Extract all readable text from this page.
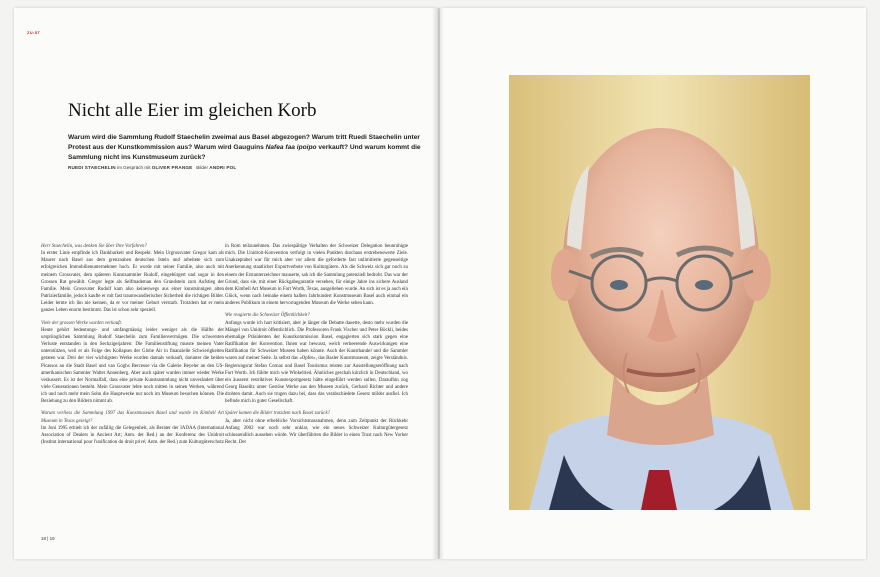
ZU:ST
Nicht alle Eier im gleichen Korb
Warum wird die Sammlung Rudolf Staechelin zweimal aus Basel abgezogen? Warum tritt Ruedi Staechelin unter Protest aus der Kunstkommission aus? Warum wird Gauguins Nafea faa ipoipo verkauft? Und warum kommt die Sammlung nicht ins Kunstmuseum zurück?
RUEDI STAECHELIN im Gespräch mit OLIVER PRANGE Bilder ANDRI POL

Herr Staechelin, was denken Sie über Ihre Vorfahren?

In erster Linie empfinde ich Dankbarkeit und Respekt. Mein Urgrossvater Gregor kam als Maurer nach Basel aus dem grenznahen deutschen Istein und arbeitete sich zum erfolgreichen Immobilienunternehmer hoch. Er wurde mit seiner Familie, also auch mit meinem Grossvater, dem späteren Kunstsammler Rudolf, eingebürgert und sogar in den Grossen Rat gewählt. Gregor legte als Selfmademan den Grundstein zum Aufstieg der Familie. Mein Grossvater Rudolf kam also keineswegs aus einer kunstsinnigen alten Patrizierfamilie, jedoch kaufte er mit fast traumwandlerischer Sicherheit die richtigen Bilder. Leider lernte ich ihn nie kennen, da er vor meiner Geburt verstarb. Trotzdem hat er mein ganzes Leben enorm bestimmt. Das ist schon sehr speziell.

Viele der grossen Werke wurden verkauft.

Heute gehört bedeutungs- und umfangmässig leider weniger als die Hälfte der ursprünglichen Sammlung Rudolf Staechelin zum Familienvermögen. Die schwersten Verluste entstanden in den Sechzigerjahren: Die Familienstiftung musste meinen Vater unterstützen, weil er als Folge des Kollapses der Globe Air in finanzielle Schwierigkeiten geraten war. Drei der vier wichtigsten Werke wurden damals verkauft, darunter die beiden Picassos an die Stadt Basel und van Goghs Berceuse via die Galerie Beyeler an den US-amerikanischen Sammler Walter Annenberg. Aber auch später wurden immer wieder Werke veräussert. Es ist der Normalfall, dass eine private Kunstsammlung nicht unverändert über viele Generationen besteht. Mein Grossvater lebte noch mitten in seinen Werken, während ich und noch mehr mein Sohn die Hauptwerke nur noch im Museum besuchen können. Die Beziehung zu den Bildern nimmt ab.

Warum verliess die Sammlung 1997 das Kunstmuseum Basel und wurde im Kimbell Art Museum in Texas gezeigt?

Im Juni 1995 erhielt ich der zufällig die Gelegenheit, als Berater der IADAA (International Association of Dealers in Ancient Art; Anm. der Red.) an der Konferenz des Unidroit (Institut international pour l'unification du droit privé; Anm. der Red.) zum Kulturgüterschutz

in Rom teilzunehmen. Das zwiespältige Verhalten der Schweizer Delegation beunruhigte mich. Die Unidroit-Konvention verfolgt in vielen Punkten durchaus erstrebenswerte Ziele. Unakzeptabel war für mich aber vor allem die geforderte fast unlimitierte gegenseitige Anerkennung staatlicher Exportverbote von Kulturgütern. Als die Schweiz sich gar noch zu einem der Erstunterzeichner mauserte, sah ich die Sammlung potenziell bedroht. Das war der Grund, dass sie, mit einer Rückgabegarantie versehen, für einige Jahre ins sichere Ausland dem Kimbell Art Museum in Fort Worth, Texas, ausgeliehen wurde. An sich ist es ja auch ein Glück, wenn nach beinahe einem halben Jahrhundert Kunstmuseum Basel auch einmal ein anderes Publikum in einem hervorragenden Museum die Werke sehen kann.

Wie reagierte die Schweizer Öffentlichkeit?

Anfangs wurde ich hart kritisiert, aber je länger die Debatte dauerte, desto mehr wurden die Mängel von Unidroit öffentlichlich. Die Professoren Frank Vischer und Peter Böckli, beides ehemalige Präsidenten der Kunstkommission Basel, engagierten sich stark gegen eine Ratifikation der Konvention. Ihnen war bewusst, welch verheerende Auswirkungen eine Ratifikation für Schweizer Museen haben könnte. Auch der Kunsthandel und die Sammler waren auf meiner Seite. Ja selbst das «Opfer», das Basler Kunstmuseum, zeigte Verständnis. Regierungsrat Stefan Cornaz und Basel Tourismus reisten zur Ausstellungseröffnung nach Fort Worth. Ich fühlte mich wie Winkelried. Ähnliches geschah kürzlich in Deutschland, wo ein äusserst restriktives Kunstexportgesetz hätte eingeführt werden sollen. Daraufhin zog Georg Baselitz unter Gestöse Werke aus den Museen zurück, Gerhard Richter und andere drohten damit. Auch sie trugen dazu bei, dass das verabschiedete Gesetz milder ausfiel. Ich befinde mich in guter Gesellschaft.

Später kamen die Bilder trotzdem nach Basel zurück?

Ja, aber nicht ohne erhebliche Vorsichtsmassnahmen, denn zum Zeitpunkt der Rückkehr Anfang 2002 war noch sehr unklar, wie ein neues Schweizer Kulturgütergesetz schlussendlich aussehen würde. Wir überführten die Bilder in einen Trust nach New Yorker Recht. Der

18 | 19
